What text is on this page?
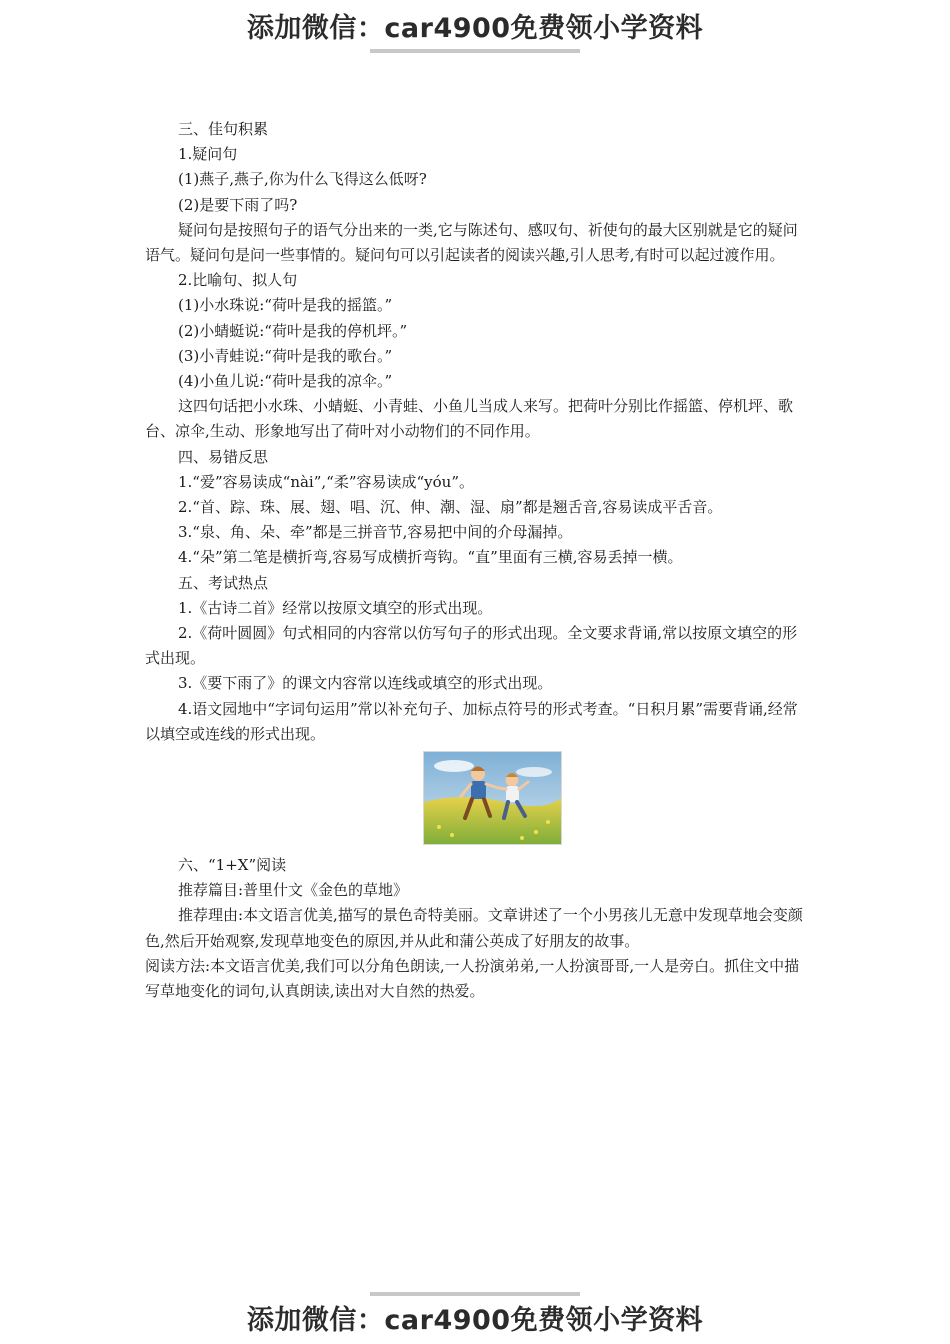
添加微信：car4900免费领小学资料

三、佳句积累

1.疑问句

(1)燕子,燕子,你为什么飞得这么低呀?

(2)是要下雨了吗?

疑问句是按照句子的语气分出来的一类,它与陈述句、感叹句、祈使句的最大区别就是它的疑问语气。疑问句是问一些事情的。疑问句可以引起读者的阅读兴趣,引人思考,有时可以起过渡作用。

2.比喻句、拟人句

(1)小水珠说:“荷叶是我的摇篮。”

(2)小蜻蜓说:“荷叶是我的停机坪。”

(3)小青蛙说:“荷叶是我的歌台。”

(4)小鱼儿说:“荷叶是我的凉伞。”

这四句话把小水珠、小蜻蜓、小青蛙、小鱼儿当成人来写。把荷叶分别比作摇篮、停机坪、歌台、凉伞,生动、形象地写出了荷叶对小动物们的不同作用。

四、易错反思

1.“爱”容易读成“nài”,“柔”容易读成“yóu”。

2.“首、踪、珠、展、翅、唱、沉、伸、潮、湿、扇”都是翘舌音,容易读成平舌音。

3.“泉、角、朵、牵”都是三拼音节,容易把中间的介母漏掉。

4.“朵”第二笔是横折弯,容易写成横折弯钩。“直”里面有三横,容易丢掉一横。

五、考试热点

1.《古诗二首》经常以按原文填空的形式出现。

2.《荷叶圆圆》句式相同的内容常以仿写句子的形式出现。全文要求背诵,常以按原文填空的形式出现。

3.《要下雨了》的课文内容常以连线或填空的形式出现。

4.语文园地中“字词句运用”常以补充句子、加标点符号的形式考查。“日积月累”需要背诵,经常以填空或连线的形式出现。

六、“1+X”阅读

推荐篇目:普里什文《金色的草地》

推荐理由:本文语言优美,描写的景色奇特美丽。文章讲述了一个小男孩儿无意中发现草地会变颜色,然后开始观察,发现草地变色的原因,并从此和蒲公英成了好朋友的故事。

阅读方法:本文语言优美,我们可以分角色朗读,一人扮演弟弟,一人扮演哥哥,一人是旁白。抓住文中描写草地变化的词句,认真朗读,读出对大自然的热爱。

添加微信：car4900免费领小学资料
